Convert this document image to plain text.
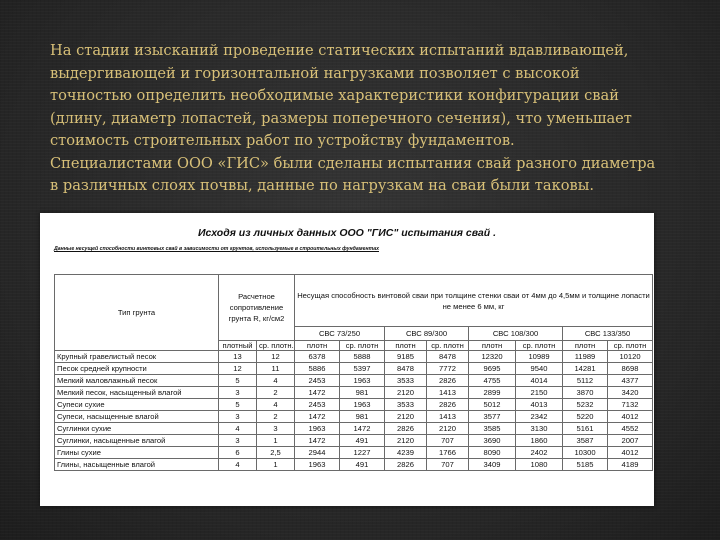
На стадии изысканий проведение статических испытаний вдавливающей,
выдергивающей и горизонтальной нагрузками позволяет с высокой
точностью определить необходимые характеристики конфигурации свай
(длину, диаметр лопастей, размеры поперечного сечения), что уменьшает
стоимость строительных работ по устройству фундаментов.
Специалистами ООО «ГИС» были сделаны испытания свай разного диаметра
в различных слоях почвы, данные по нагрузкам на сваи были таковы.
Исходя из личных данных ООО "ГИС" испытания свай .
Данные несущей способности винтовых свай в зависимости от грунтов, используемые в строительных фундаментах
Тип грунта	Расчетное сопротивление грунта R, кг/см2		Несущая способность винтовой сваи при толщине стенки сваи от 4мм до 4,5мм и толщине лопасти не менее 6 мм, кг							
			СВС 73/250		СВС 89/300		СВС 108/300		СВС 133/350	
	плотный	ср. плотн.	плотн	ср. плотн	плотн	ср. плотн	плотн	ср. плотн	плотн	ср. плотн
Крупный гравелистый песок	13	12	6378	5888	9185	8478	12320	10989	11989	10120
Песок средней крупности	12	11	5886	5397	8478	7772	9695	9540	14281	8698
Мелкий маловлажный песок	5	4	2453	1963	3533	2826	4755	4014	5112	4377
Мелкий песок, насыщенный влагой	3	2	1472	981	2120	1413	2899	2150	3870	3420
Супеси сухие	5	4	2453	1963	3533	2826	5012	4013	5232	7132
Супеси, насыщенные влагой	3	2	1472	981	2120	1413	3577	2342	5220	4012
Суглинки сухие	4	3	1963	1472	2826	2120	3585	3130	5161	4552
Суглинки, насыщенные влагой	3	1	1472	491	2120	707	3690	1860	3587	2007
Глины сухие	6	2,5	2944	1227	4239	1766	8090	2402	10300	4012
Глины, насыщенные влагой	4	1	1963	491	2826	707	3409	1080	5185	4189
